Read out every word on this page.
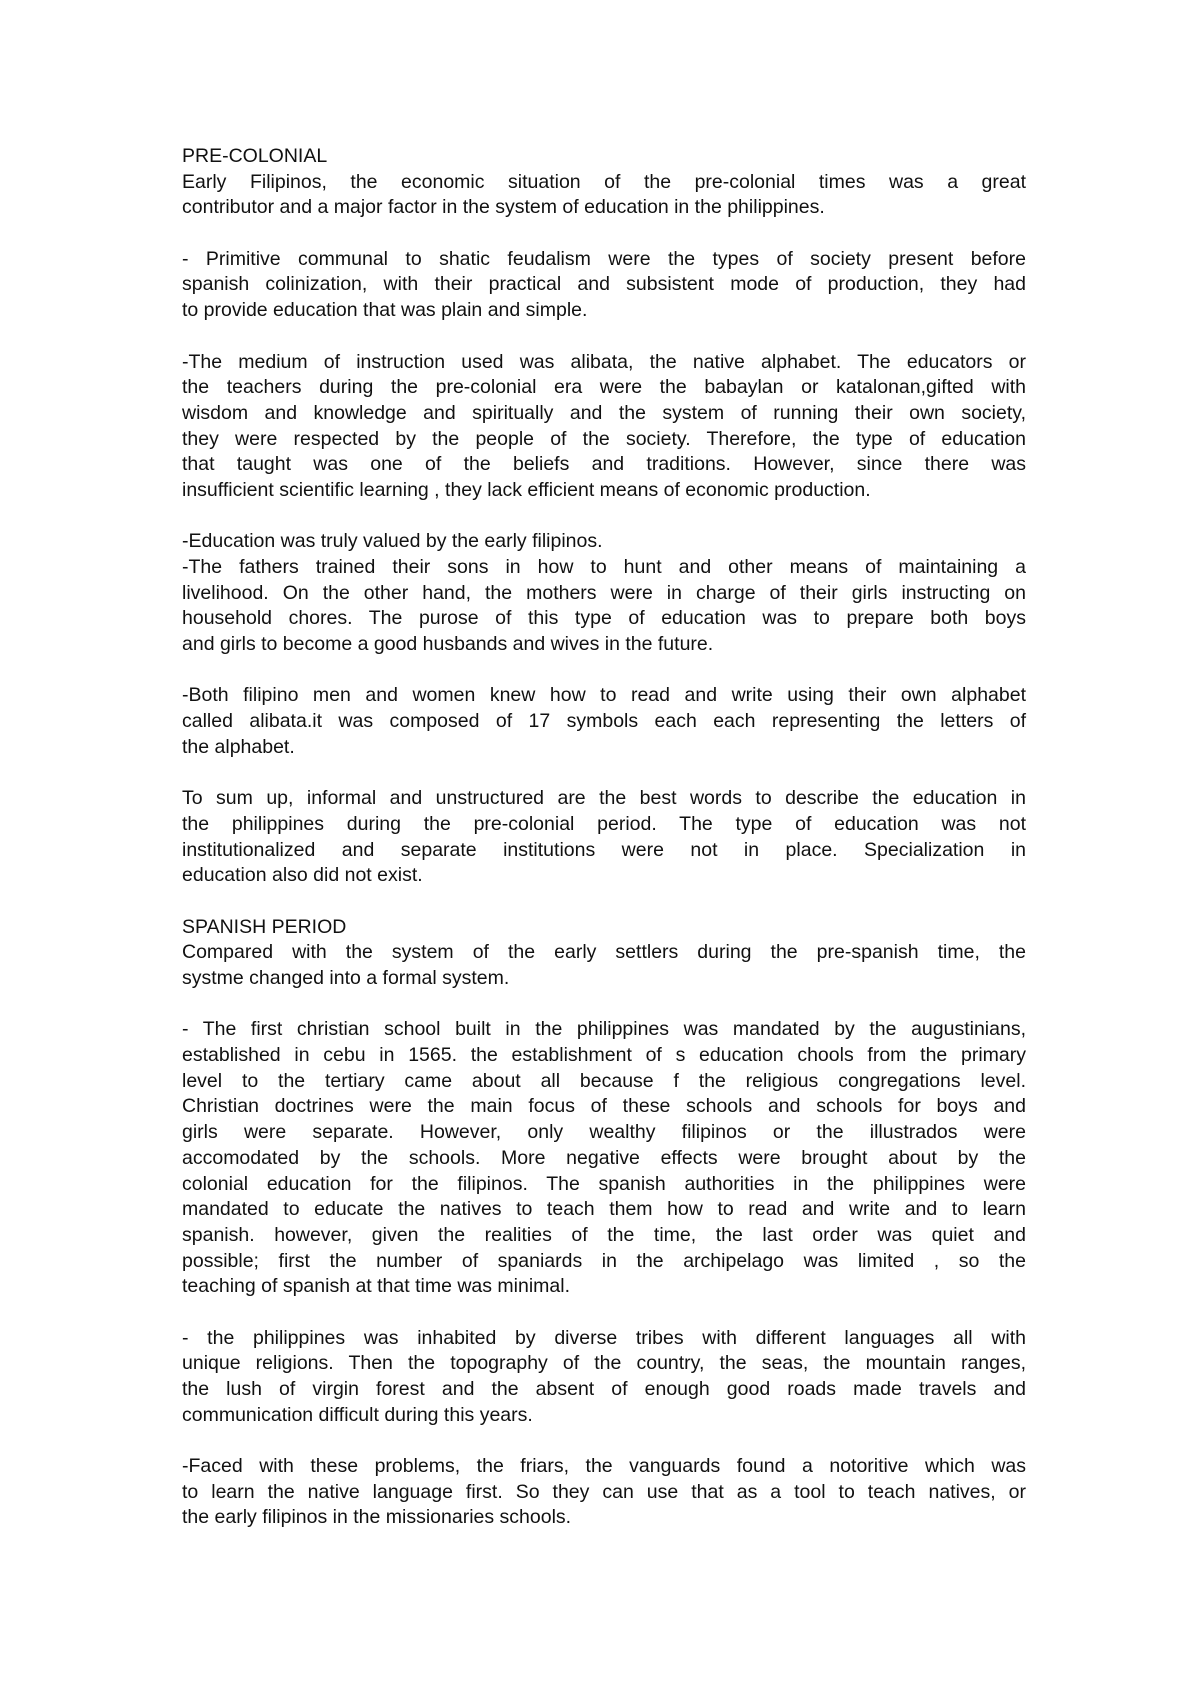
PRE-COLONIAL
Early Filipinos, the economic situation of the pre-colonial times was a great
contributor and a major factor in the system of education in the philippines.
- Primitive communal to shatic feudalism were the types of society present before
spanish colinization, with their practical and subsistent mode of production, they had
to provide education that was plain and simple.
-The medium of instruction used was alibata, the native alphabet. The educators or
the teachers during the pre-colonial era were the babaylan or katalonan,gifted with
wisdom and knowledge and spiritually and the system of running their own society,
they were respected by the people of the society. Therefore, the type of education
that taught was one of the beliefs and traditions. However, since there was
insufficient scientific learning , they lack efficient means of economic production.
-Education was truly valued by the early filipinos.
-The fathers trained their sons in how to hunt and other means of maintaining a
livelihood. On the other hand, the mothers were in charge of their girls instructing on
household chores. The purose of this type of education was to prepare both boys
and girls to become a good husbands and wives in the future.
-Both filipino men and women knew how to read and write using their own alphabet
called alibata.it was composed of 17 symbols each each representing the letters of
the alphabet.
To sum up, informal and unstructured are the best words to describe the education in
the philippines during the pre-colonial period. The type of education was not
institutionalized and separate institutions were not in place. Specialization in
education also did not exist.
SPANISH PERIOD
Compared with the system of the early settlers during the pre-spanish time, the
systme changed into a formal system.
- The first christian school built in the philippines was mandated by the augustinians,
established in cebu in 1565. the establishment of s education chools from the primary
level to the tertiary came about all because f the religious congregations level.
Christian doctrines were the main focus of these schools and schools for boys and
girls were separate. However, only wealthy filipinos or the illustrados were
accomodated by the schools. More negative effects were brought about by the
colonial education for the filipinos. The spanish authorities in the philippines were
mandated to educate the natives to teach them how to read and write and to learn
spanish. however, given the realities of the time, the last order was quiet and
possible; first the number of spaniards in the archipelago was limited , so the
teaching of spanish at that time was minimal.
- the philippines was inhabited by diverse tribes with different languages all with
unique religions. Then the topography of the country, the seas, the mountain ranges,
the lush of virgin forest and the absent of enough good roads made travels and
communication difficult during this years.
-Faced with these problems, the friars, the vanguards found a notoritive which was
to learn the native language first. So they can use that as a tool to teach natives, or
the early filipinos in the missionaries schools.
